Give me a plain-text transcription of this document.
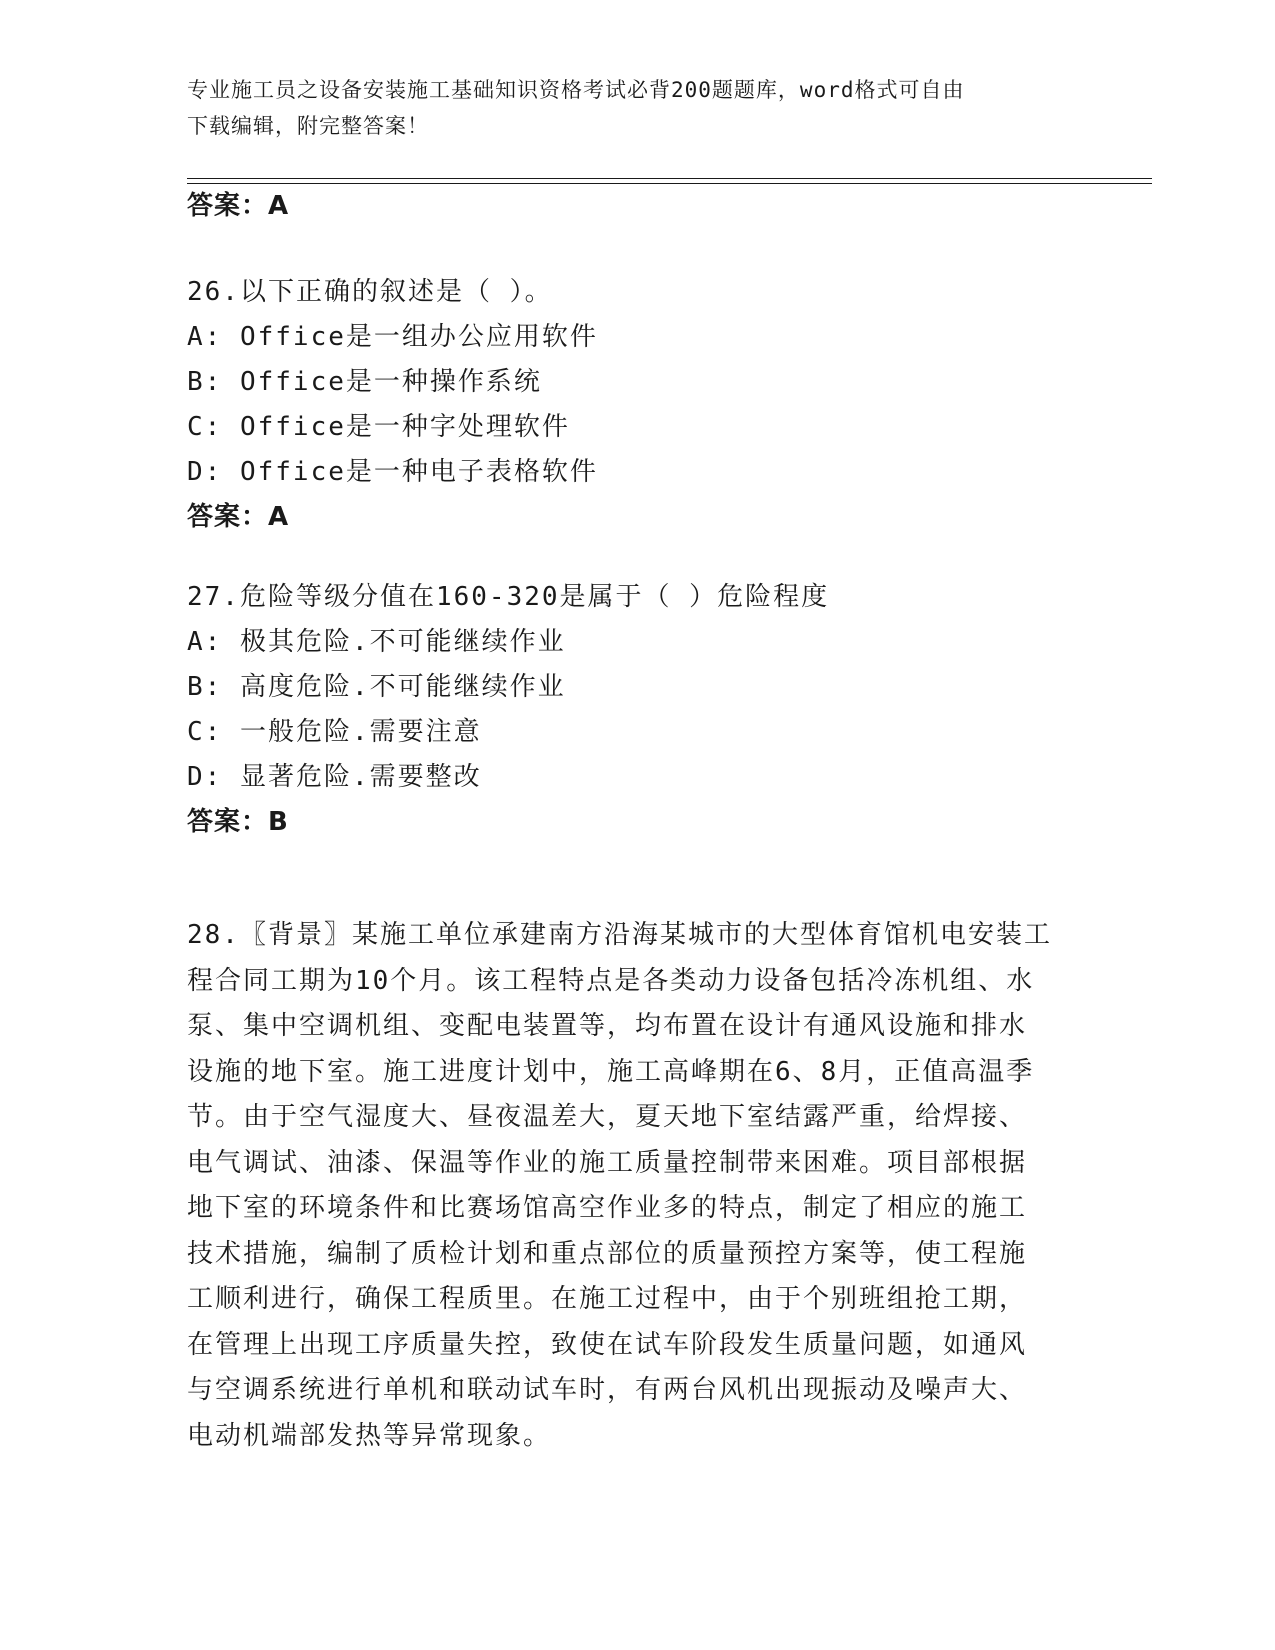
专业施工员之设备安装施工基础知识资格考试必背200题题库，word格式可自由
下载编辑，附完整答案！
答案：A
26.以下正确的叙述是（ ）。
A: Office是一组办公应用软件
B: Office是一种操作系统
C: Office是一种字处理软件
D: Office是一种电子表格软件
答案：A
27.危险等级分值在160-320是属于（ ）危险程度
A: 极其危险.不可能继续作业
B: 高度危险.不可能继续作业
C: 一般危险.需要注意
D: 显著危险.需要整改
答案：B
28.〖背景〗某施工单位承建南方沿海某城市的大型体育馆机电安装工
程合同工期为10个月。该工程特点是各类动力设备包括冷冻机组、水
泵、集中空调机组、变配电装置等，均布置在设计有通风设施和排水
设施的地下室。施工进度计划中，施工高峰期在6、8月，正值高温季
节。由于空气湿度大、昼夜温差大，夏天地下室结露严重，给焊接、
电气调试、油漆、保温等作业的施工质量控制带来困难。项目部根据
地下室的环境条件和比赛场馆高空作业多的特点，制定了相应的施工
技术措施，编制了质检计划和重点部位的质量预控方案等，使工程施
工顺利进行，确保工程质里。在施工过程中，由于个别班组抢工期，
在管理上出现工序质量失控，致使在试车阶段发生质量问题，如通风
与空调系统进行单机和联动试车时，有两台风机出现振动及噪声大、
电动机端部发热等异常现象。
